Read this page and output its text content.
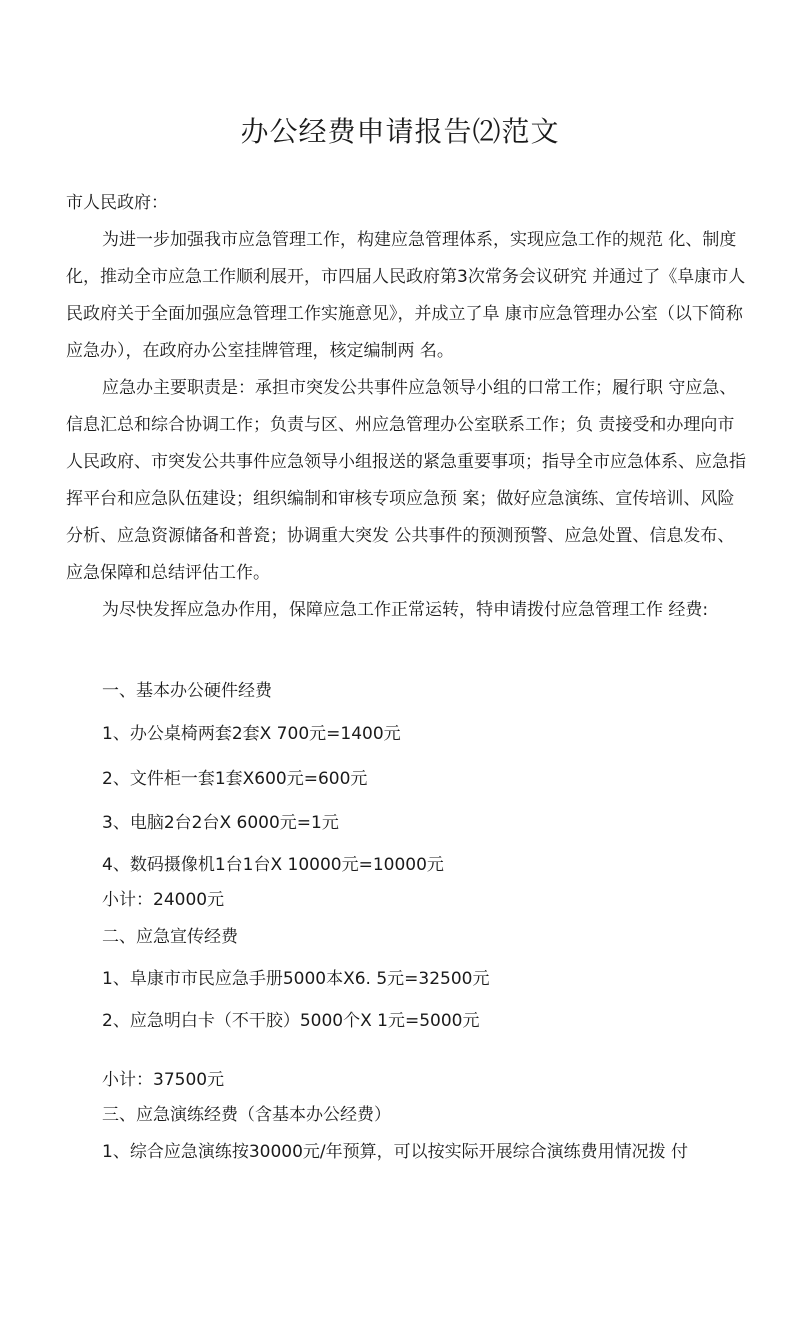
办公经费申请报告⑵范文

市人民政府：

为进一步加强我市应急管理工作，构建应急管理体系，实现应急工作的规范 化、制度化，推动全市应急工作顺利展开，市四届人民政府第3次常务会议研究 并通过了《阜康市人民政府关于全面加强应急管理工作实施意见》，并成立了阜 康市应急管理办公室（以下简称应急办），在政府办公室挂牌管理，核定编制两 名。

应急办主要职责是：承担市突发公共事件应急领导小组的口常工作；履行职 守应急、信息汇总和综合协调工作；负责与区、州应急管理办公室联系工作；负 责接受和办理向市人民政府、市突发公共事件应急领导小组报送的紧急重要事项；指导全市应急体系、应急指挥平台和应急队伍建设；组织编制和审核专项应急预 案；做好应急演练、宣传培训、风险分析、应急资源储备和普瓷；协调重大突发 公共事件的预测预警、应急处置、信息发布、应急保障和总结评估工作。

为尽快发挥应急办作用，保障应急工作正常运转，特申请拨付应急管理工作 经费:

一、基本办公硬件经费

1、办公桌椅两套2套X 700元=1400元

2、文件柜一套1套X600元=600元

3、电脑2台2台X 6000元=1元

4、数码摄像机1台1台X 10000元=10000元

小计：24000元

二、应急宣传经费

1、阜康市市民应急手册5000本X6. 5元=32500元

2、应急明白卡（不干胶）5000个X 1元=5000元

小计：37500元

三、应急演练经费（含基本办公经费）

1、综合应急演练按30000元/年预算，可以按实际开展综合演练费用情况拨 付
